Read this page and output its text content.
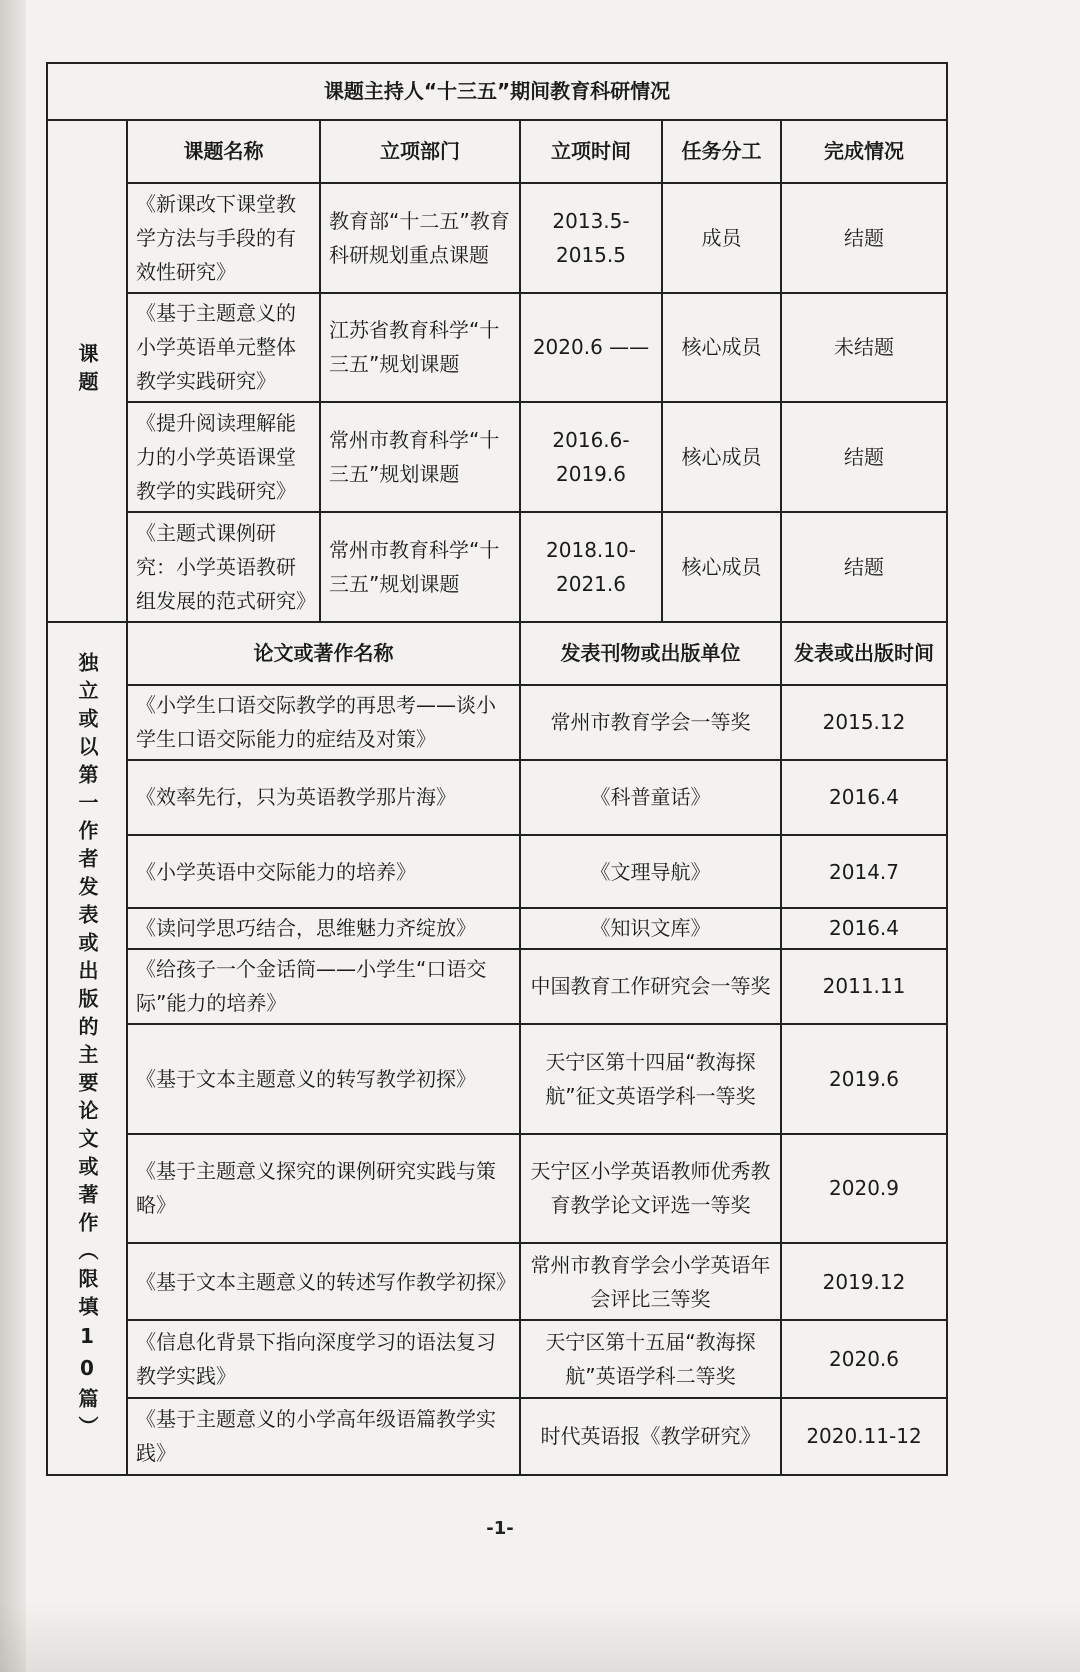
课题主持人“十三五”期间教育科研情况					
课题	课题名称	立项部门	立项时间	任务分工	完成情况
	《新课改下课堂教学方法与手段的有效性研究》	教育部“十二五”教育科研规划重点课题	2013.5-2015.5	成员	结题
	《基于主题意义的小学英语单元整体教学实践研究》	江苏省教育科学“十三五”规划课题	2020.6 ——	核心成员	未结题
	《提升阅读理解能力的小学英语课堂教学的实践研究》	常州市教育科学“十三五”规划课题	2016.6-2019.6	核心成员	结题
	《主题式课例研究：小学英语教研组发展的范式研究》	常州市教育科学“十三五”规划课题	2018.10-2021.6	核心成员	结题
独立或以第一作者发表或出版的主要论文或著作（限填10篇）	论文或著作名称		发表刊物或出版单位		发表或出版时间
	《小学生口语交际教学的再思考——谈小学生口语交际能力的症结及对策》		常州市教育学会一等奖		2015.12
	《效率先行，只为英语教学那片海》		《科普童话》		2016.4
	《小学英语中交际能力的培养》		《文理导航》		2014.7
	《读问学思巧结合，思维魅力齐绽放》		《知识文库》		2016.4
	《给孩子一个金话筒——小学生“口语交际”能力的培养》		中国教育工作研究会一等奖		2011.11
	《基于文本主题意义的转写教学初探》		天宁区第十四届“教海探航”征文英语学科一等奖		2019.6
	《基于主题意义探究的课例研究实践与策略》		天宁区小学英语教师优秀教育教学论文评选一等奖		2020.9
	《基于文本主题意义的转述写作教学初探》		常州市教育学会小学英语年会评比三等奖		2019.12
	《信息化背景下指向深度学习的语法复习教学实践》		天宁区第十五届“教海探航”英语学科二等奖		2020.6
	《基于主题意义的小学高年级语篇教学实践》		时代英语报《教学研究》		2020.11-12
-1-
